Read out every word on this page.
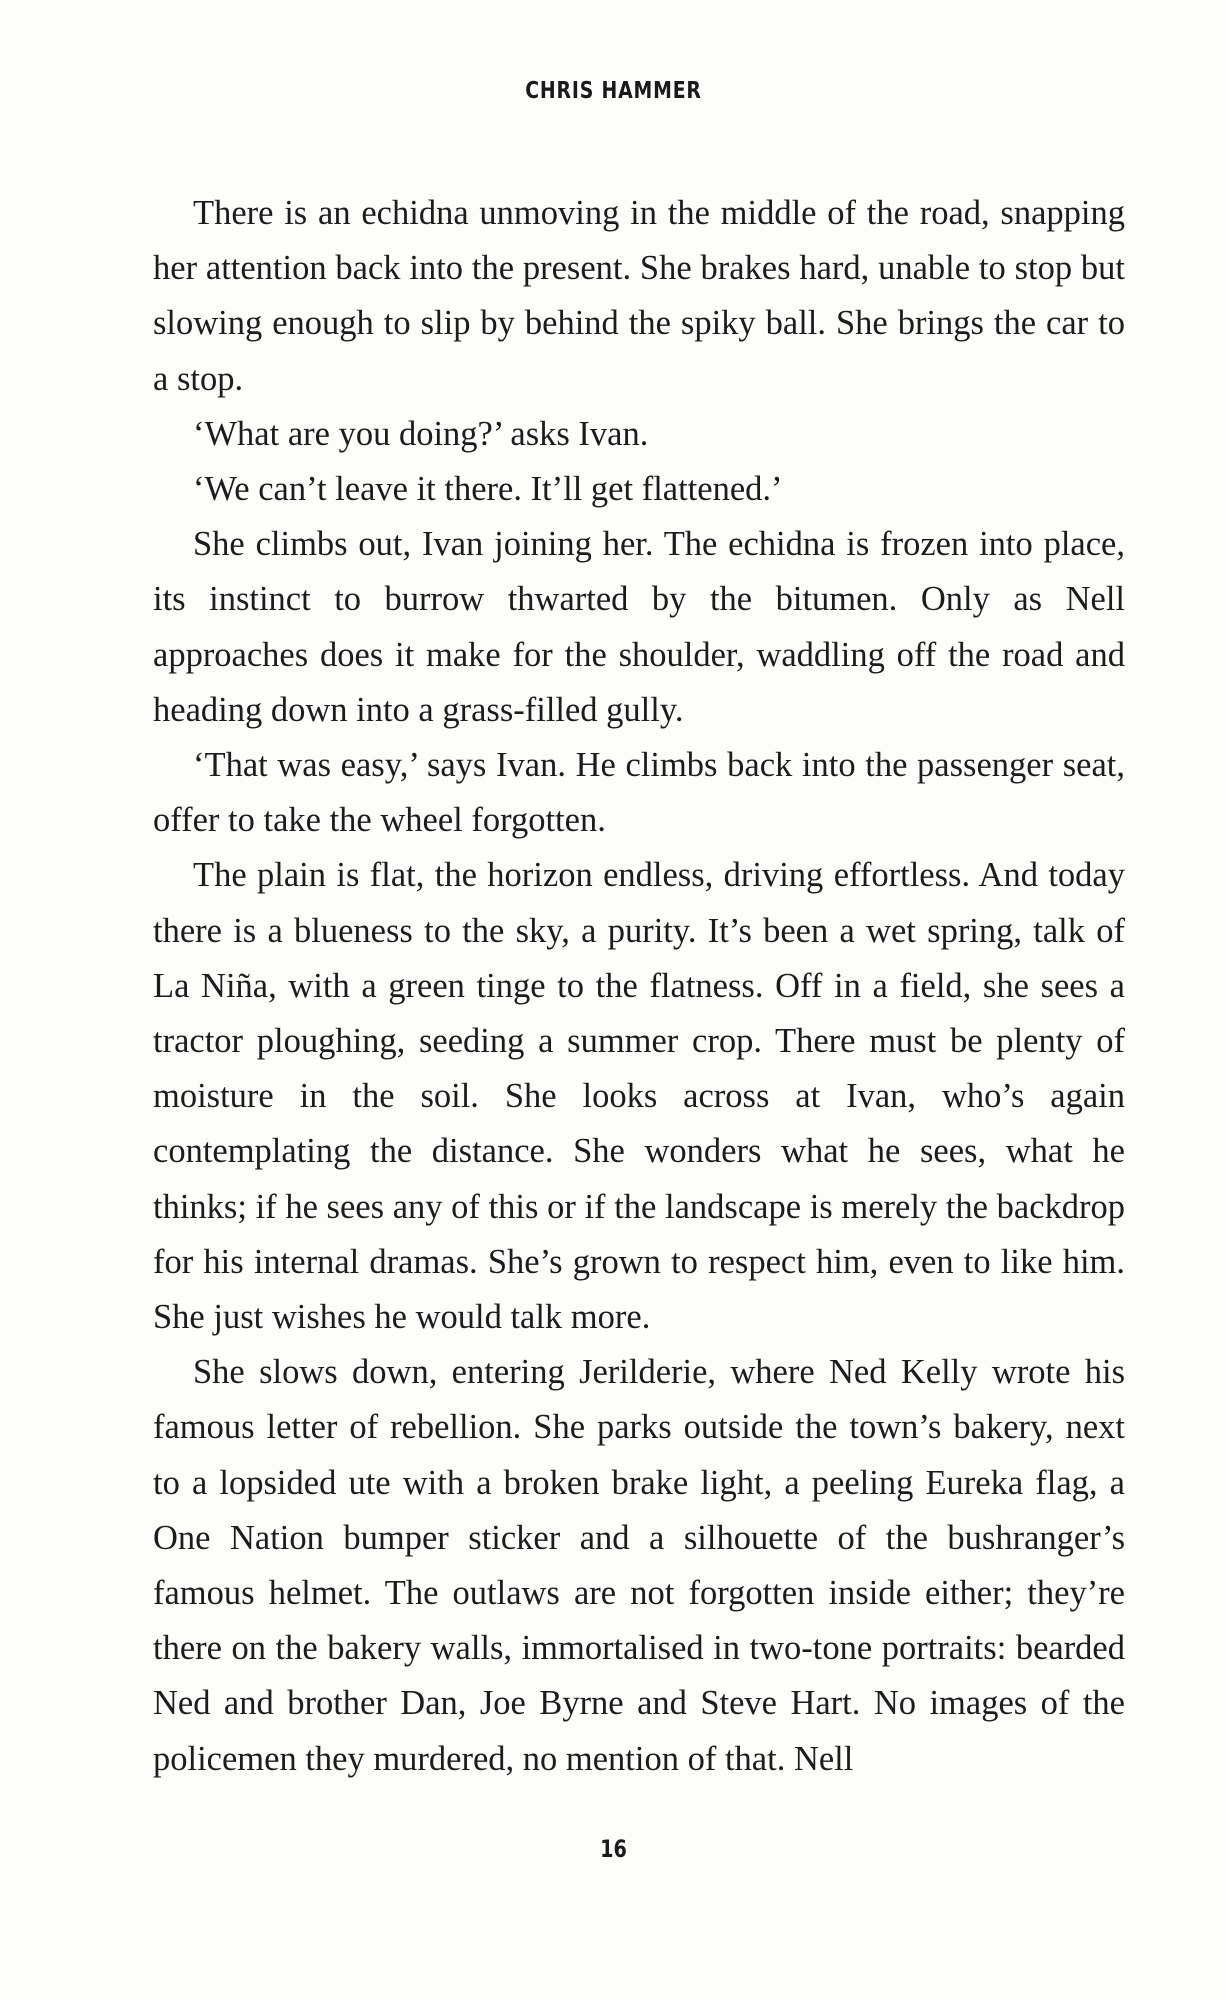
CHRIS HAMMER

There is an echidna unmoving in the middle of the road, snapping her attention back into the present. She brakes hard, unable to stop but slowing enough to slip by behind the spiky ball. She brings the car to a stop.

‘What are you doing?’ asks Ivan.

‘We can’t leave it there. It’ll get flattened.’

She climbs out, Ivan joining her. The echidna is frozen into place, its instinct to burrow thwarted by the bitumen. Only as Nell approaches does it make for the shoulder, waddling off the road and heading down into a grass-filled gully.

‘That was easy,’ says Ivan. He climbs back into the passenger seat, offer to take the wheel forgotten.

The plain is flat, the horizon endless, driving effortless. And today there is a blueness to the sky, a purity. It’s been a wet spring, talk of La Niña, with a green tinge to the flatness. Off in a field, she sees a tractor ploughing, seeding a summer crop. There must be plenty of moisture in the soil. She looks across at Ivan, who’s again contemplating the distance. She wonders what he sees, what he thinks; if he sees any of this or if the landscape is merely the backdrop for his internal dramas. She’s grown to respect him, even to like him. She just wishes he would talk more.

She slows down, entering Jerilderie, where Ned Kelly wrote his famous letter of rebellion. She parks outside the town’s bakery, next to a lopsided ute with a broken brake light, a peeling Eureka flag, a One Nation bumper sticker and a silhouette of the bushranger’s famous helmet. The outlaws are not forgotten inside either; they’re there on the bakery walls, immortalised in two-tone portraits: bearded Ned and brother Dan, Joe Byrne and Steve Hart. No images of the policemen they murdered, no mention of that. Nell

16
